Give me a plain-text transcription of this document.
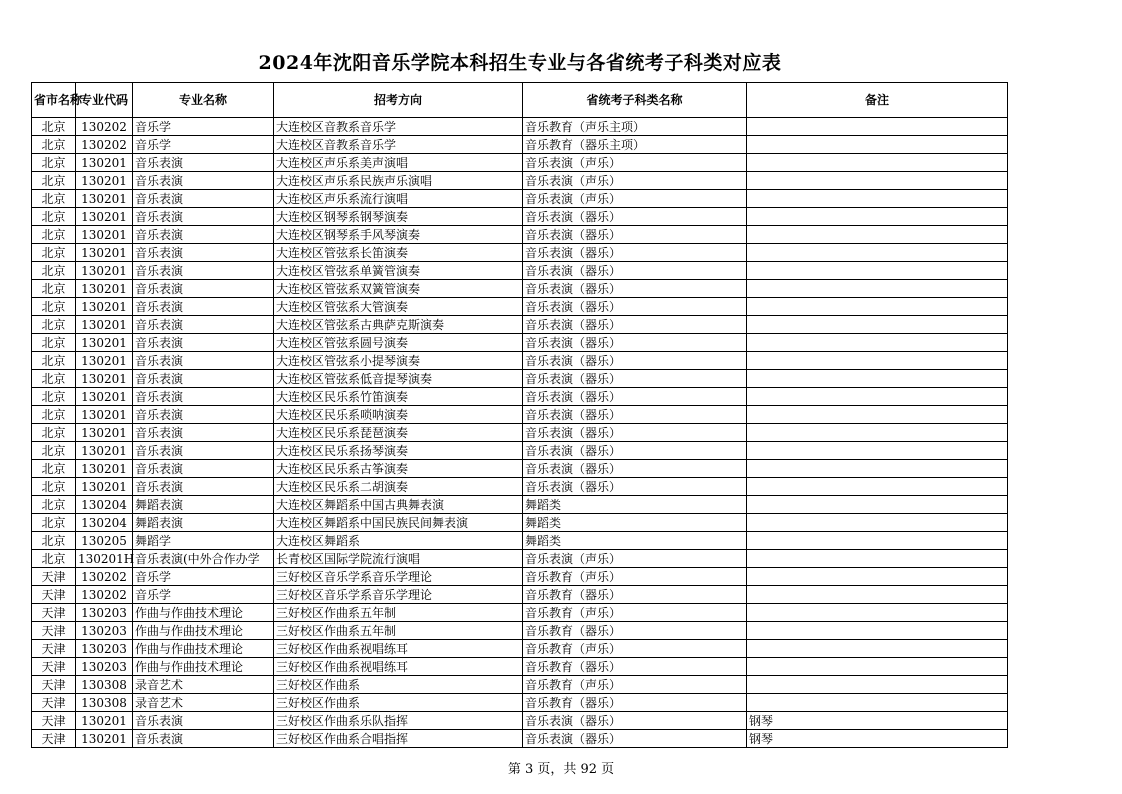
2024年沈阳音乐学院本科招生专业与各省统考子科类对应表
省市名称	专业代码	专业名称	招考方向	省统考子科类名称	备注
北京	130202	音乐学	大连校区音教系音乐学	音乐教育（声乐主项）	
北京	130202	音乐学	大连校区音教系音乐学	音乐教育（器乐主项）	
北京	130201	音乐表演	大连校区声乐系美声演唱	音乐表演（声乐）	
北京	130201	音乐表演	大连校区声乐系民族声乐演唱	音乐表演（声乐）	
北京	130201	音乐表演	大连校区声乐系流行演唱	音乐表演（声乐）	
北京	130201	音乐表演	大连校区钢琴系钢琴演奏	音乐表演（器乐）	
北京	130201	音乐表演	大连校区钢琴系手风琴演奏	音乐表演（器乐）	
北京	130201	音乐表演	大连校区管弦系长笛演奏	音乐表演（器乐）	
北京	130201	音乐表演	大连校区管弦系单簧管演奏	音乐表演（器乐）	
北京	130201	音乐表演	大连校区管弦系双簧管演奏	音乐表演（器乐）	
北京	130201	音乐表演	大连校区管弦系大管演奏	音乐表演（器乐）	
北京	130201	音乐表演	大连校区管弦系古典萨克斯演奏	音乐表演（器乐）	
北京	130201	音乐表演	大连校区管弦系圆号演奏	音乐表演（器乐）	
北京	130201	音乐表演	大连校区管弦系小提琴演奏	音乐表演（器乐）	
北京	130201	音乐表演	大连校区管弦系低音提琴演奏	音乐表演（器乐）	
北京	130201	音乐表演	大连校区民乐系竹笛演奏	音乐表演（器乐）	
北京	130201	音乐表演	大连校区民乐系唢呐演奏	音乐表演（器乐）	
北京	130201	音乐表演	大连校区民乐系琵琶演奏	音乐表演（器乐）	
北京	130201	音乐表演	大连校区民乐系扬琴演奏	音乐表演（器乐）	
北京	130201	音乐表演	大连校区民乐系古筝演奏	音乐表演（器乐）	
北京	130201	音乐表演	大连校区民乐系二胡演奏	音乐表演（器乐）	
北京	130204	舞蹈表演	大连校区舞蹈系中国古典舞表演	舞蹈类	
北京	130204	舞蹈表演	大连校区舞蹈系中国民族民间舞表演	舞蹈类	
北京	130205	舞蹈学	大连校区舞蹈系	舞蹈类	
北京	130201H	音乐表演(中外合作办学	长青校区国际学院流行演唱	音乐表演（声乐）	
天津	130202	音乐学	三好校区音乐学系音乐学理论	音乐教育（声乐）	
天津	130202	音乐学	三好校区音乐学系音乐学理论	音乐教育（器乐）	
天津	130203	作曲与作曲技术理论	三好校区作曲系五年制	音乐教育（声乐）	
天津	130203	作曲与作曲技术理论	三好校区作曲系五年制	音乐教育（器乐）	
天津	130203	作曲与作曲技术理论	三好校区作曲系视唱练耳	音乐教育（声乐）	
天津	130203	作曲与作曲技术理论	三好校区作曲系视唱练耳	音乐教育（器乐）	
天津	130308	录音艺术	三好校区作曲系	音乐教育（声乐）	
天津	130308	录音艺术	三好校区作曲系	音乐教育（器乐）	
天津	130201	音乐表演	三好校区作曲系乐队指挥	音乐表演（器乐）	钢琴
天津	130201	音乐表演	三好校区作曲系合唱指挥	音乐表演（器乐）	钢琴
第 3 页，共 92 页
